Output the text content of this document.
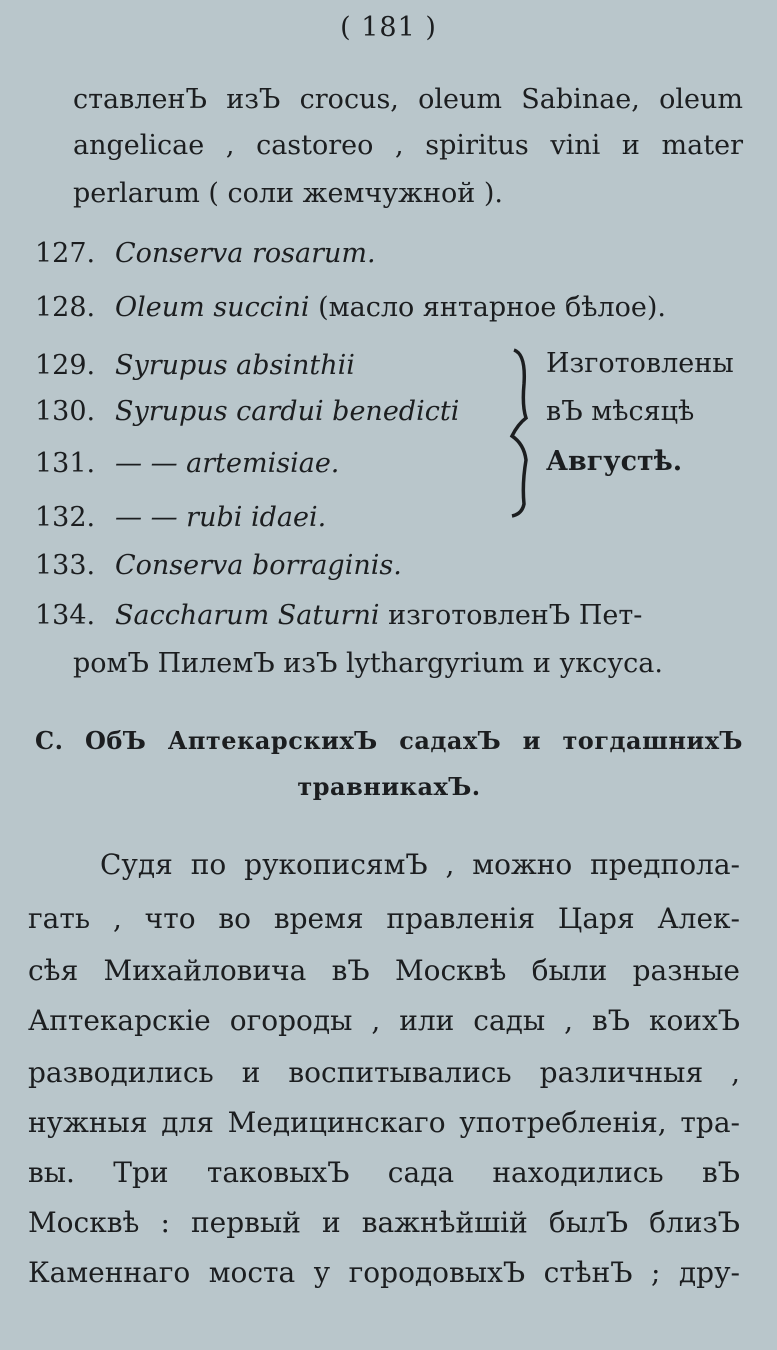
( 181 )
ставленЪ изЪ crocus, oleum Sabinae, oleum
angelicae , castoreo , spiritus vini и mater
perlarum ( соли жемчужной ).
127. Conserva rosarum.
128. Oleum succini (масло янтарное бѣлое).
129. Syrupus absinthii
130. Syrupus cardui benedicti
131. — — artemisiae.
132. — — rubi idaei.
Изготовлены
вЪ мѣсяцѣ
Августѣ.
133. Conserva borraginis.
134. Saccharum Saturni изготовленЪ Пет-
ромЪ ПилемЪ изЪ lythargyrium и уксуса.
С. ОбЪ АптекарскихЪ садахЪ и тогдашнихЪ
травникахЪ.
Судя по рукописямЪ , можно предпола-
гать , что во время правленія Царя Алек-
сѣя Михайловича вЪ Москвѣ были разные
Аптекарскіе огороды , или сады , вЪ коихЪ
разводились и воспитывались различныя ,
нужныя для Медицинскаго употребленія, тра-
вы. Три таковыхЪ сада находились вЪ
Москвѣ : первый и важнѣйшій былЪ близЪ
Каменнаго моста у городовыхЪ стѣнЪ ; дру-
